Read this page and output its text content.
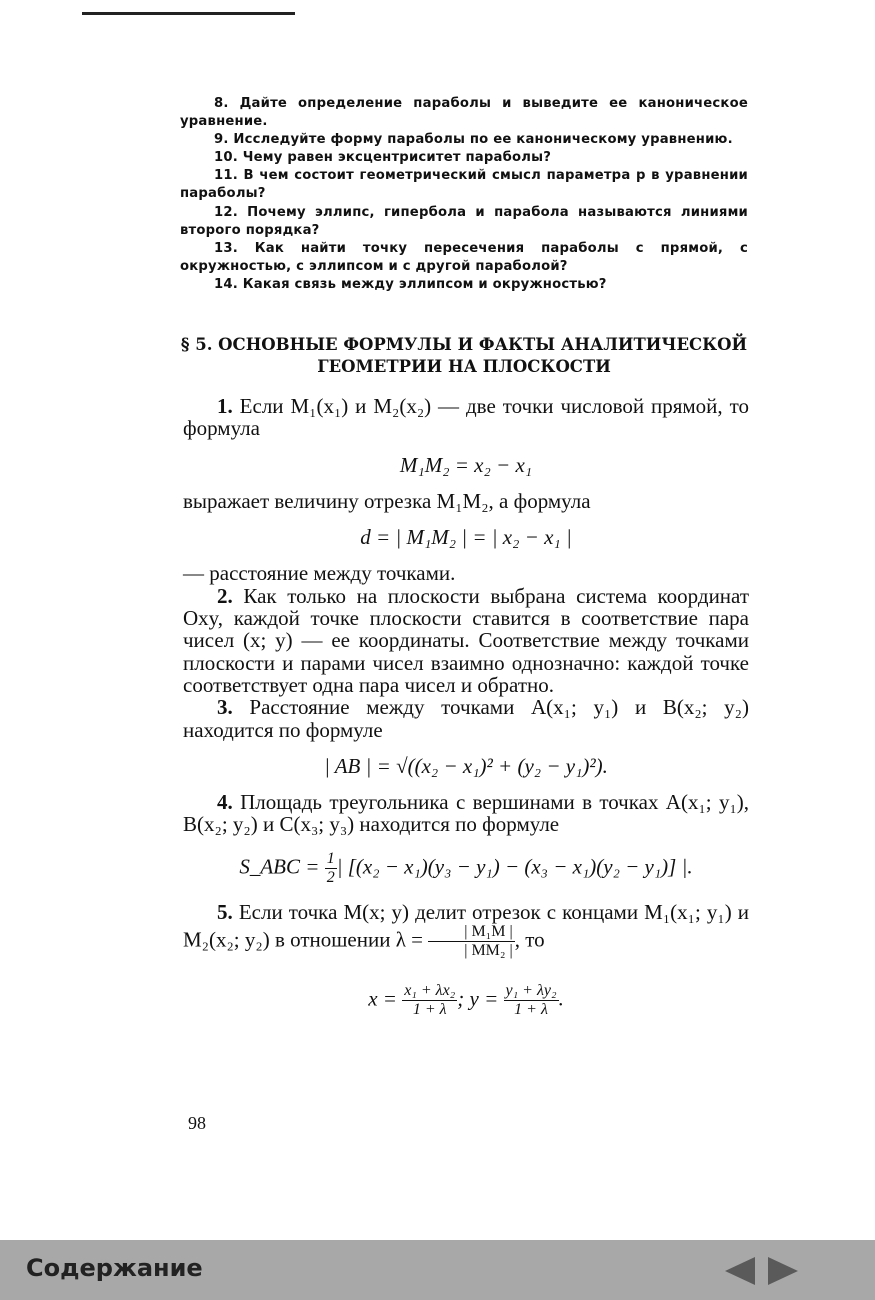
8. Дайте определение параболы и выведите ее каноническое уравнение.

9. Исследуйте форму параболы по ее каноническому уравнению.

10. Чему равен эксцентриситет параболы?

11. В чем состоит геометрический смысл параметра p в уравнении параболы?

12. Почему эллипс, гипербола и парабола называются линиями второго порядка?

13. Как найти точку пересечения параболы с прямой, с окружностью, с эллипсом и с другой параболой?

14. Какая связь между эллипсом и окружностью?

§ 5. ОСНОВНЫЕ ФОРМУЛЫ И ФАКТЫ АНАЛИТИЧЕСКОЙ
ГЕОМЕТРИИ НА ПЛОСКОСТИ

1. Если M₁(x₁) и M₂(x₂) — две точки числовой прямой, то формула

M₁M₂ = x₂ − x₁

выражает величину отрезка M₁M₂, а формула

d = | M₁M₂ | = | x₂ − x₁ |

— расстояние между точками.

2. Как только на плоскости выбрана система координат Oxy, каждой точке плоскости ставится в соответствие пара чисел (x; y) — ее координаты. Соответствие между точками плоскости и парами чисел взаимно однозначно: каждой точке соответствует одна пара чисел и обратно.

3. Расстояние между точками A(x₁; y₁) и B(x₂; y₂) находится по формуле

| AB | = √((x₂ − x₁)² + (y₂ − y₁)²).

4. Площадь треугольника с вершинами в точках A(x₁; y₁), B(x₂; y₂) и C(x₃; y₃) находится по формуле

S_ABC = $\frac{1}{2}$ | [(x₂ − x₁)(y₃ − y₁) − (x₃ − x₁)(y₂ − y₁)] |.

5. Если точка M(x; y) делит отрезок с концами M₁(x₁; y₁) и M₂(x₂; y₂) в отношении $\lambda = \frac{\text{| M₁M |}}{\text{| MM₂ |}}$ , то

$x = \frac{\text{x₁ + λx₂}}{1 + \lambda}$ ; $y = \frac{\text{y₁ + λy₂}}{1 + \lambda}$ .
98
Содержание
